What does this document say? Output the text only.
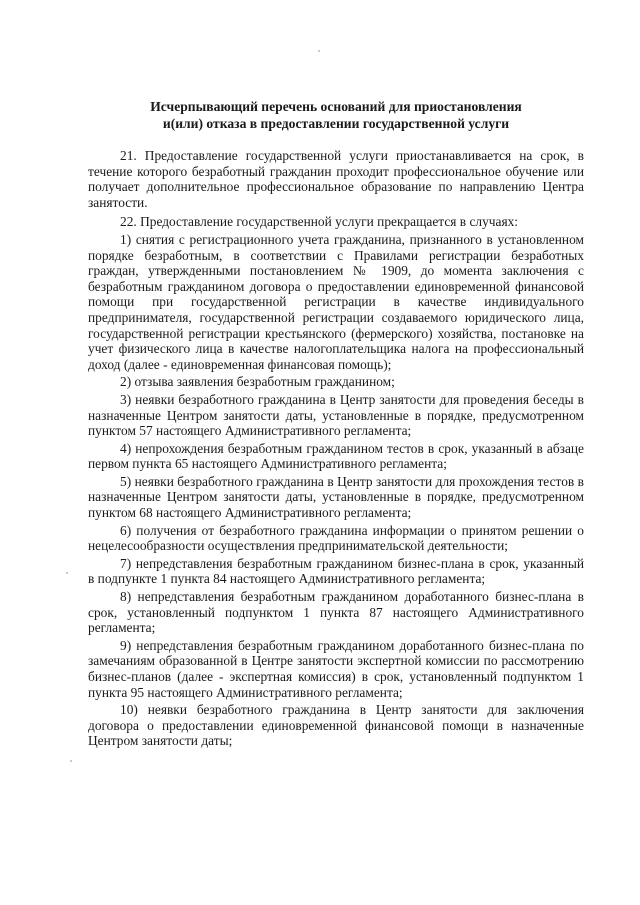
Исчерпывающий перечень оснований для приостановления
и(или) отказа в предоставлении государственной услуги

21. Предоставление государственной услуги приостанавливается на срок, в течение которого безработный гражданин проходит профессиональное обучение или получает дополнительное профессиональное образование по направлению Центра занятости.

22. Предоставление государственной услуги прекращается в случаях:

1) снятия с регистрационного учета гражданина, признанного в установленном порядке безработным, в соответствии с Правилами регистрации безработных граждан, утвержденными постановлением № 1909, до момента заключения с безработным гражданином договора о предоставлении единовременной финансовой помощи при государственной регистрации в качестве индивидуального предпринимателя, государственной регистрации создаваемого юридического лица, государственной регистрации крестьянского (фермерского) хозяйства, постановке на учет физического лица в качестве налогоплательщика налога на профессиональный доход (далее - единовременная финансовая помощь);

2) отзыва заявления безработным гражданином;

3) неявки безработного гражданина в Центр занятости для проведения беседы в назначенные Центром занятости даты, установленные в порядке, предусмотренном пунктом 57 настоящего Административного регламента;

4) непрохождения безработным гражданином тестов в срок, указанный в абзаце первом пункта 65 настоящего Административного регламента;

5) неявки безработного гражданина в Центр занятости для прохождения тестов в назначенные Центром занятости даты, установленные в порядке, предусмотренном пунктом 68 настоящего Административного регламента;

6) получения от безработного гражданина информации о принятом решении о нецелесообразности осуществления предпринимательской деятельности;

7) непредставления безработным гражданином бизнес-плана в срок, указанный в подпункте 1 пункта 84 настоящего Административного регламента;

8) непредставления безработным гражданином доработанного бизнес-плана в срок, установленный подпунктом 1 пункта 87 настоящего Административного регламента;

9) непредставления безработным гражданином доработанного бизнес-плана по замечаниям образованной в Центре занятости экспертной комиссии по рассмотрению бизнес-планов (далее - экспертная комиссия) в срок, установленный подпунктом 1 пункта 95 настоящего Административного регламента;

10) неявки безработного гражданина в Центр занятости для заключения договора о предоставлении единовременной финансовой помощи в назначенные Центром занятости даты;
